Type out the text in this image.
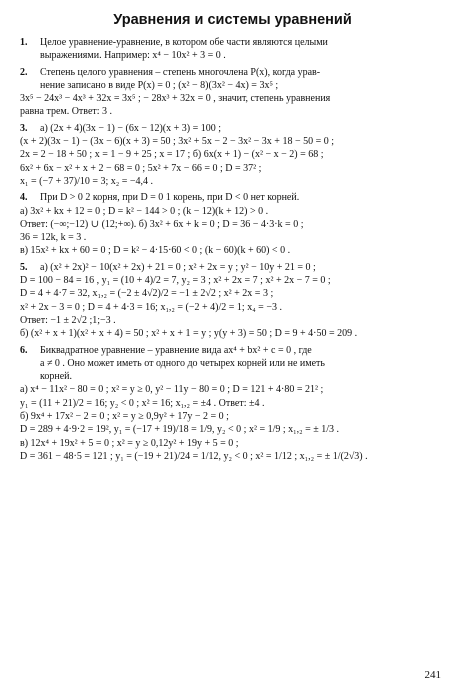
Уравнения и системы уравнений
1. Целое уравнение-уравнение, в котором обе части являются целыми
выражениями. Например: x⁴ − 10x² + 3 = 0 .
2. Степень целого уравнения – степень многочлена P(x), когда урав-
нение записано в виде P(x) = 0 ; (x² − 8)(3x² − 4x) = 3x⁵ ;
3x⁵ − 24x³ − 4x³ + 32x = 3x⁵ ; − 28x³ + 32x = 0 , значит, степень уравнения
равна трем. Ответ: 3 .
3. а) (2x + 4)(3x − 1) − (6x − 12)(x + 3) = 100 ;
(x + 2)(3x − 1) − (3x − 6)(x + 3) = 50 ; 3x² + 5x − 2 − 3x² − 3x + 18 − 50 = 0 ;
2x = 2 − 18 + 50 ; x = 1 − 9 + 25 ; x = 17 ; б) 6x(x + 1) − (x² − x − 2) = 68 ;
6x² + 6x − x² + x + 2 − 68 = 0 ; 5x² + 7x − 66 = 0 ; D = 37² ;
x₁ = (−7 + 37)/10 = 3; x₂ = −4,4 .
4. При D > 0 2 корня, при D = 0 1 корень, при D < 0 нет корней.
а) 3x² + kx + 12 = 0 ; D = k² − 144 > 0 ; (k − 12)(k + 12) > 0 .
Ответ: (−∞;−12) ∪ (12;+∞). б) 3x² + 6x + k = 0 ; D = 36 − 4·3·k = 0 ;
36 = 12k, k = 3 .
в) 15x² + kx + 60 = 0 ; D = k² − 4·15·60 < 0 ; (k − 60)(k + 60) < 0 .
5. а) (x² + 2x)² − 10(x² + 2x) + 21 = 0 ; x² + 2x = y ; y² − 10y + 21 = 0 ;
D = 100 − 84 = 16 , y₁ = (10 + 4)/2 = 7, y₂ = 3 ; x² + 2x = 7 ; x² + 2x − 7 = 0 ;
D = 4 + 4·7 = 32, x₁,₂ = (−2 ± 4√2)/2 = −1 ± 2√2 ; x² + 2x = 3 ;
x² + 2x − 3 = 0 ; D = 4 + 4·3 = 16; x₁,₂ = (−2 + 4)/2 = 1; x₄ = −3 .
Ответ: −1 ± 2√2 ;1;−3 .
б) (x² + x + 1)(x² + x + 4) = 50 ; x² + x + 1 = y ; y(y + 3) = 50 ; D = 9 + 4·50 = 209 .
6. Биквадратное уравнение – уравнение вида ax⁴ + bx² + c = 0 , где
a ≠ 0 . Оно может иметь от одного до четырех корней или не иметь
корней.
а) x⁴ − 11x² − 80 = 0 ; x² = y ≥ 0, y² − 11y − 80 = 0 ; D = 121 + 4·80 = 21² ;
y₁ = (11 + 21)/2 = 16; y₂ < 0 ; x² = 16; x₁,₂ = ±4 . Ответ: ±4 .
б) 9x⁴ + 17x² − 2 = 0 ; x² = y ≥ 0,9y² + 17y − 2 = 0 ;
D = 289 + 4·9·2 = 19², y₁ = (−17 + 19)/18 = 1/9, y₂ < 0 ; x² = 1/9 ; x₁,₂ = ± 1/3 .
в) 12x⁴ + 19x² + 5 = 0 ; x² = y ≥ 0,12y² + 19y + 5 = 0 ;
D = 361 − 48·5 = 121 ; y₁ = (−19 + 21)/24 = 1/12, y₂ < 0 ; x² = 1/12 ; x₁,₂ = ± 1/(2√3) .
241
